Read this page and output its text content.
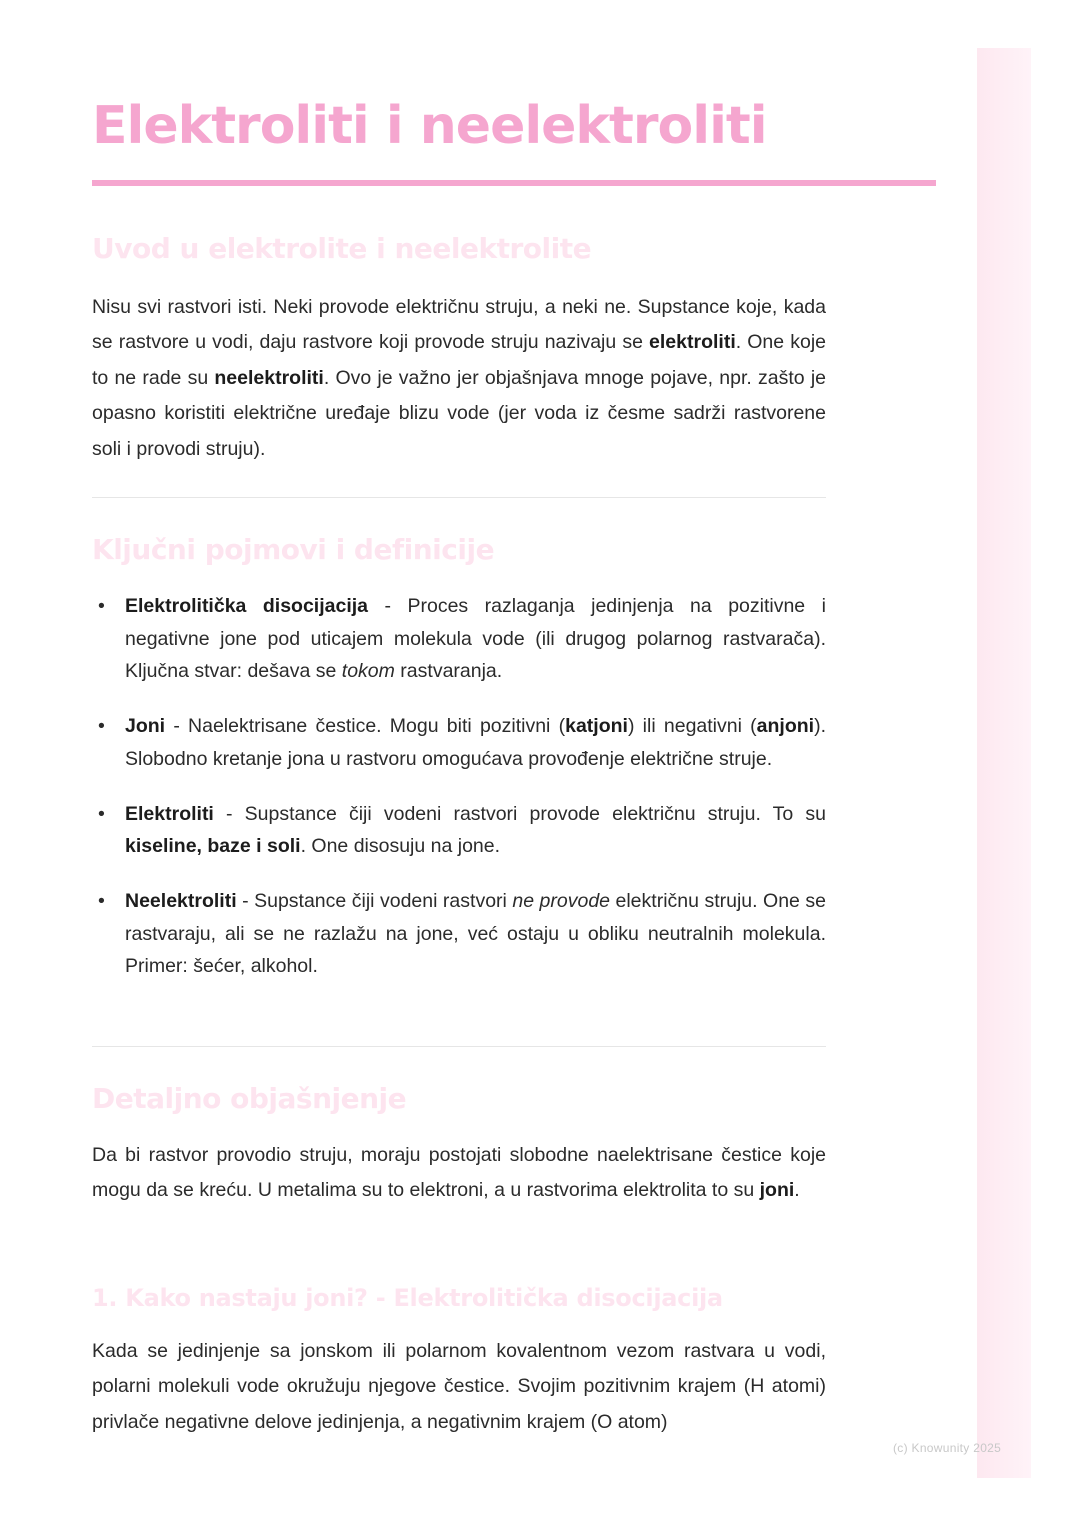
Elektroliti i neelektroliti
Uvod u elektrolite i neelektrolite

Nisu svi rastvori isti. Neki provode električnu struju, a neki ne. Supstance koje, kada se rastvore u vodi, daju rastvore koji provode struju nazivaju se elektroliti. One koje to ne rade su neelektroliti. Ovo je važno jer objašnjava mnoge pojave, npr. zašto je opasno koristiti električne uređaje blizu vode (jer voda iz česme sadrži rastvorene soli i provodi struju).

Ključni pojmovi i definicije
• Elektrolitička disocijacija - Proces razlaganja jedinjenja na pozitivne i negativne jone pod uticajem molekula vode (ili drugog polarnog rastvarača). Ključna stvar: dešava se tokom rastvaranja.
• Joni - Naelektrisane čestice. Mogu biti pozitivni (katjoni) ili negativni (anjoni). Slobodno kretanje jona u rastvoru omogućava provođenje električne struje.
• Elektroliti - Supstance čiji vodeni rastvori provode električnu struju. To su kiseline, baze i soli. One disosuju na jone.
• Neelektroliti - Supstance čiji vodeni rastvori ne provode električnu struju. One se rastvaraju, ali se ne razlažu na jone, već ostaju u obliku neutralnih molekula. Primer: šećer, alkohol.
Detaljno objašnjenje

Da bi rastvor provodio struju, moraju postojati slobodne naelektrisane čestice koje mogu da se kreću. U metalima su to elektroni, a u rastvorima elektrolita to su joni.

1. Kako nastaju joni? - Elektrolitička disocijacija

Kada se jedinjenje sa jonskom ili polarnom kovalentnom vezom rastvara u vodi, polarni molekuli vode okružuju njegove čestice. Svojim pozitivnim krajem (H atomi) privlače negativne delove jedinjenja, a negativnim krajem (O atom)

(c) Knowunity 2025
